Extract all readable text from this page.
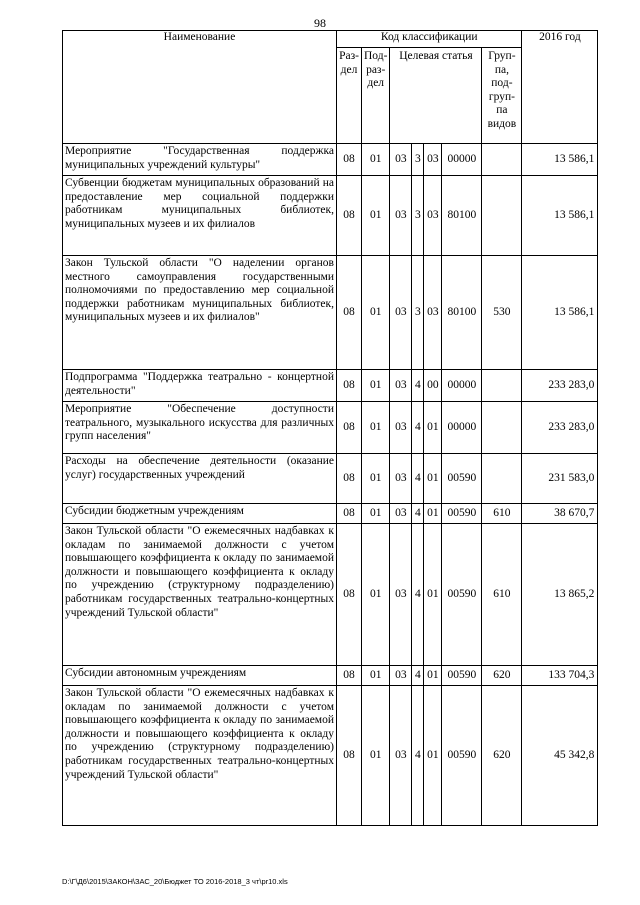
98
Наименование	Код классификации							2016 год
	Раз-дел	Под-раз-дел	Целевая статья				Груп-па, под-груп-па видов	
Мероприятие "Государственная поддержка муниципальных учреждений культуры"	08	01	03	3	03	00000		13 586,1
Субвенции бюджетам муниципальных образований на предоставление мер социальной поддержки работникам муниципальных библиотек, муниципальных музеев и их филиалов	08	01	03	3	03	80100		13 586,1
Закон Тульской области "О наделении органов местного самоуправления государственными полномочиями по предоставлению мер социальной поддержки работникам муниципальных библиотек, муниципальных музеев и их филиалов"	08	01	03	3	03	80100	530	13 586,1
Подпрограмма "Поддержка театрально - концертной деятельности"	08	01	03	4	00	00000		233 283,0
Мероприятие "Обеспечение доступности театрального, музыкального искусства для различных групп населения"	08	01	03	4	01	00000		233 283,0
Расходы на обеспечение деятельности (оказание услуг) государственных учреждений	08	01	03	4	01	00590		231 583,0
Субсидии бюджетным учреждениям	08	01	03	4	01	00590	610	38 670,7
Закон Тульской области "О ежемесячных надбавках к окладам по занимаемой должности с учетом повышающего коэффициента к окладу по занимаемой должности и повышающего коэффициента к окладу по учреждению (структурному подразделению) работникам государственных театрально-концертных учреждений Тульской области"	08	01	03	4	01	00590	610	13 865,2
Субсидии автономным учреждениям	08	01	03	4	01	00590	620	133 704,3
Закон Тульской области "О ежемесячных надбавках к окладам по занимаемой должности с учетом повышающего коэффициента к окладу по занимаемой должности и повышающего коэффициента к окладу по учреждению (структурному подразделению) работникам государственных театрально-концертных учреждений Тульской области"	08	01	03	4	01	00590	620	45 342,8
D:\Г\Д6\2015\ЗАКОН\ЗАС_20\Бюджет ТО 2016-2018_3 чт\pr10.xls
